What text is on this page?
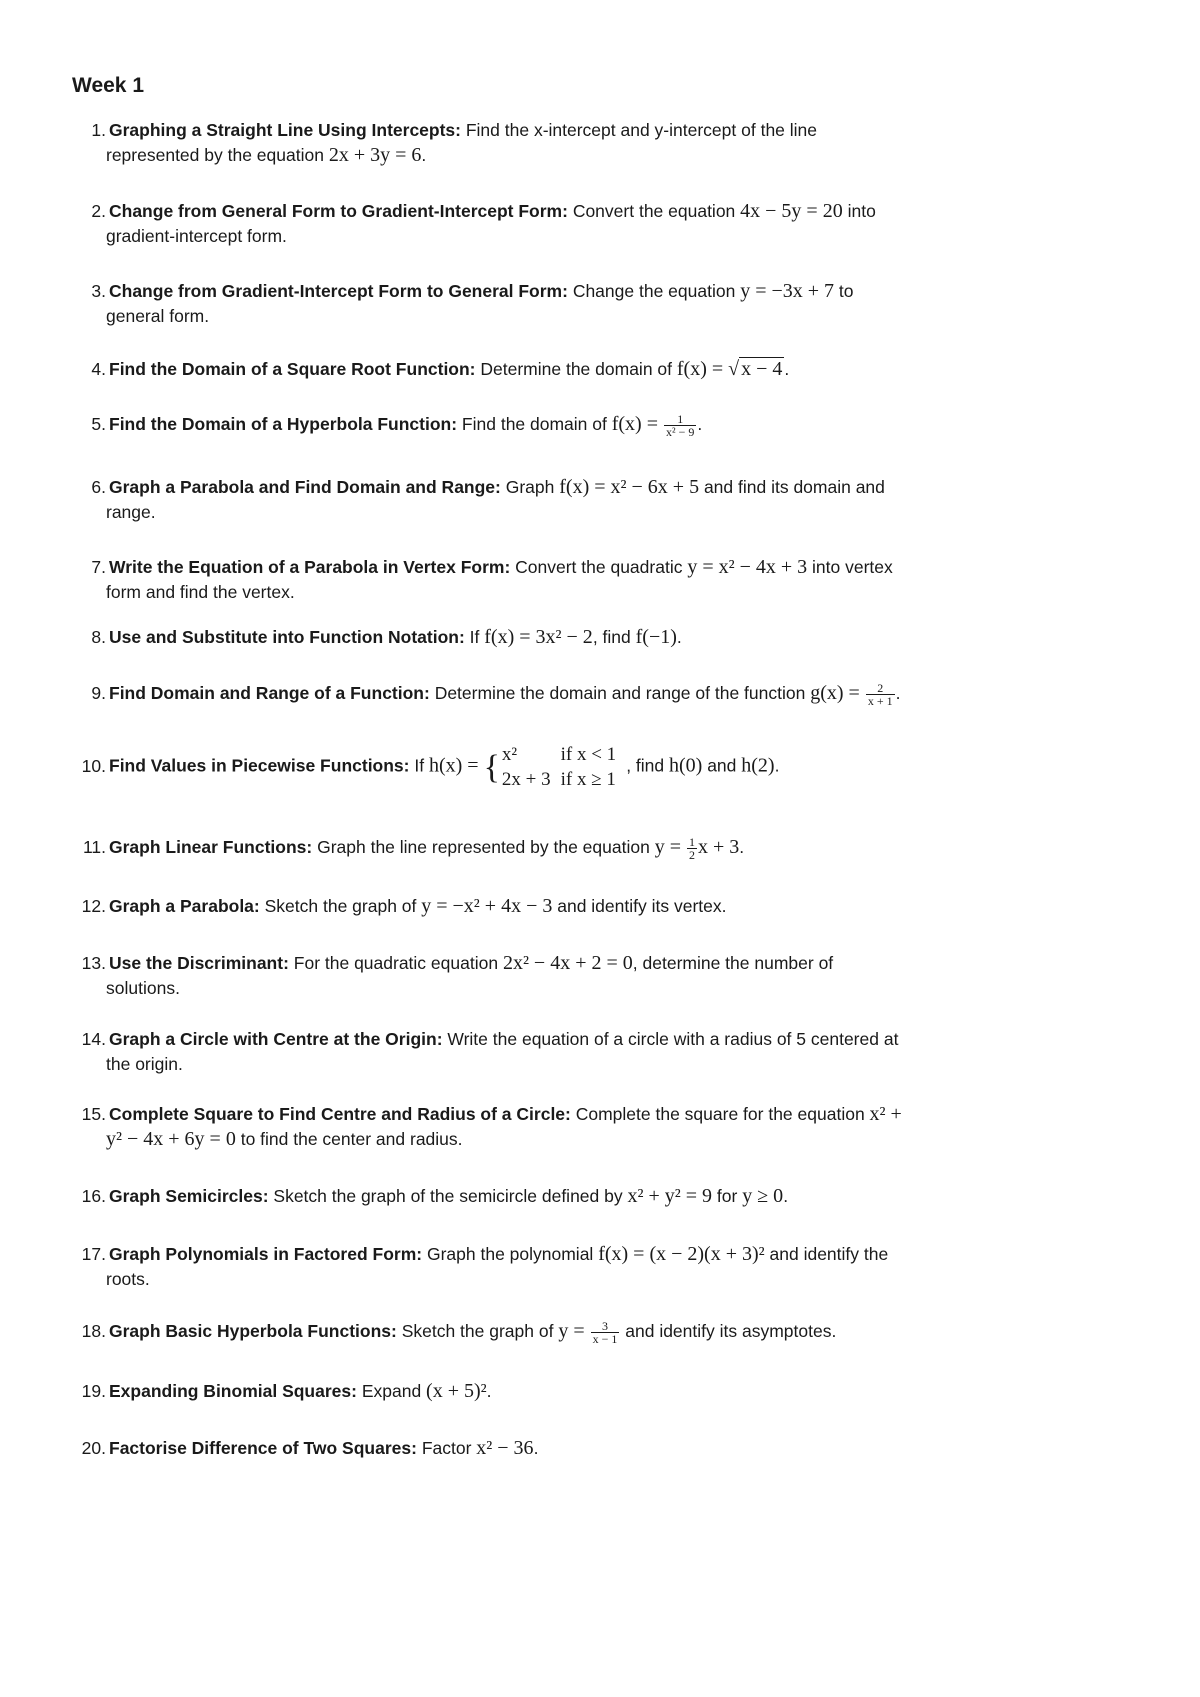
Week 1
1. Graphing a Straight Line Using Intercepts: Find the x-intercept and y-intercept of the line
represented by the equation 2x + 3y = 6.
2. Change from General Form to Gradient-Intercept Form: Convert the equation 4x − 5y = 20 into
gradient-intercept form.
3. Change from Gradient-Intercept Form to General Form: Change the equation y = −3x + 7 to
general form.
4. Find the Domain of a Square Root Function: Determine the domain of f(x) = √ x − 4 .
5. Find the Domain of a Hyperbola Function: Find the domain of $f(x) = \frac{1}{\text{x² − 9}}$ .
6. Graph a Parabola and Find Domain and Range: Graph f(x) = x² − 6x + 5 and find its domain and
range.
7. Write the Equation of a Parabola in Vertex Form: Convert the quadratic y = x² − 4x + 3 into vertex
form and find the vertex.
8. Use and Substitute into Function Notation: If f(x) = 3x² − 2, find f(−1).
9. Find Domain and Range of a Function: Determine the domain and range of the function $g(x) = \frac{2}{x + 1}$ .
10. Find Values in Piecewise Functions: If h(x) = { x²	if x < 1
2x + 3	if x ≥ 1, find h(0) and h(2).
11. Graph Linear Functions: Graph the line represented by the equation $y = \frac{1}{2}$ x + 3.
12. Graph a Parabola: Sketch the graph of y = −x² + 4x − 3 and identify its vertex.
13. Use the Discriminant: For the quadratic equation 2x² − 4x + 2 = 0, determine the number of
solutions.
14. Graph a Circle with Centre at the Origin: Write the equation of a circle with a radius of 5 centered at
the origin.
15. Complete Square to Find Centre and Radius of a Circle: Complete the square for the equation x² +
y² − 4x + 6y = 0 to find the center and radius.
16. Graph Semicircles: Sketch the graph of the semicircle defined by x² + y² = 9 for y ≥ 0.
17. Graph Polynomials in Factored Form: Graph the polynomial f(x) = (x − 2)(x + 3)² and identify the
roots.
18. Graph Basic Hyperbola Functions: Sketch the graph of $y = \frac{3}{x - 1}$ and identify its asymptotes.
19. Expanding Binomial Squares: Expand (x + 5)².
20. Factorise Difference of Two Squares: Factor x² − 36.
